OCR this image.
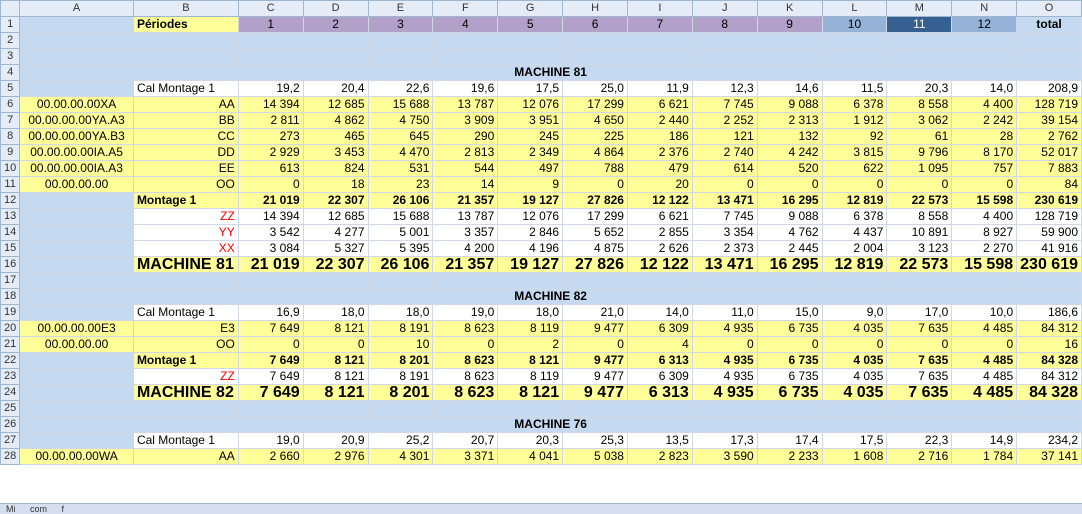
	A	B	C	D	E	F	G	H	I	J	K	L	M	N	O
1		Périodes	1	2	3	4	5	6	7	8	9	10	11	12	total
2															
3															
4	MACHINE 81														
5		Cal Montage 1	19,2	20,4	22,6	19,6	17,5	25,0	11,9	12,3	14,6	11,5	20,3	14,0	208,9
6	00.00.00.00XA	AA	14 394	12 685	15 688	13 787	12 076	17 299	6 621	7 745	9 088	6 378	8 558	4 400	128 719
7	00.00.00.00YA.A3	BB	2 811	4 862	4 750	3 909	3 951	4 650	2 440	2 252	2 313	1 912	3 062	2 242	39 154
8	00.00.00.00YA.B3	CC	273	465	645	290	245	225	186	121	132	92	61	28	2 762
9	00.00.00.00IA.A5	DD	2 929	3 453	4 470	2 813	2 349	4 864	2 376	2 740	4 242	3 815	9 796	8 170	52 017
10	00.00.00.00IA.A3	EE	613	824	531	544	497	788	479	614	520	622	1 095	757	7 883
11	00.00.00.00	OO	0	18	23	14	9	0	20	0	0	0	0	0	84
12		Montage 1	21 019	22 307	26 106	21 357	19 127	27 826	12 122	13 471	16 295	12 819	22 573	15 598	230 619
13		ZZ	14 394	12 685	15 688	13 787	12 076	17 299	6 621	7 745	9 088	6 378	8 558	4 400	128 719
14		YY	3 542	4 277	5 001	3 357	2 846	5 652	2 855	3 354	4 762	4 437	10 891	8 927	59 900
15		XX	3 084	5 327	5 395	4 200	4 196	4 875	2 626	2 373	2 445	2 004	3 123	2 270	41 916
16		MACHINE 81	21 019	22 307	26 106	21 357	19 127	27 826	12 122	13 471	16 295	12 819	22 573	15 598	230 619
17															
18	MACHINE 82														
19		Cal Montage 1	16,9	18,0	18,0	19,0	18,0	21,0	14,0	11,0	15,0	9,0	17,0	10,0	186,6
20	00.00.00.00E3	E3	7 649	8 121	8 191	8 623	8 119	9 477	6 309	4 935	6 735	4 035	7 635	4 485	84 312
21	00.00.00.00	OO	0	0	10	0	2	0	4	0	0	0	0	0	16
22		Montage 1	7 649	8 121	8 201	8 623	8 121	9 477	6 313	4 935	6 735	4 035	7 635	4 485	84 328
23		ZZ	7 649	8 121	8 191	8 623	8 119	9 477	6 309	4 935	6 735	4 035	7 635	4 485	84 312
24		MACHINE 82	7 649	8 121	8 201	8 623	8 121	9 477	6 313	4 935	6 735	4 035	7 635	4 485	84 328
25															
26	MACHINE 76														
27		Cal Montage 1	19,0	20,9	25,2	20,7	20,3	25,3	13,5	17,3	17,4	17,5	22,3	14,9	234,2
28	00.00.00.00WA	AA	2 660	2 976	4 301	3 371	4 041	5 038	2 823	3 590	2 233	1 608	2 716	1 784	37 141
Mi com f
